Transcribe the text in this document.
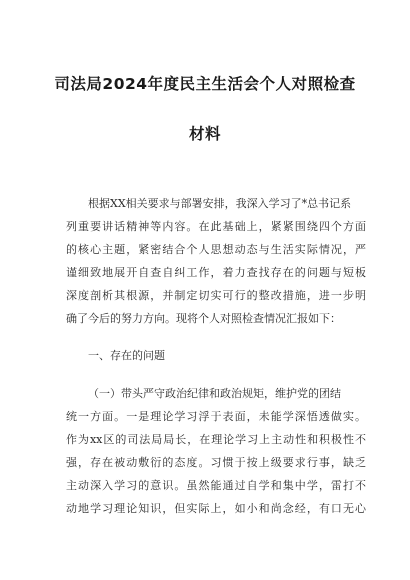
司法局2024年度民主生活会个人对照检查
材料
根据XX相关要求与部署安排，我深入学习了*总书记系
列重要讲话精神等内容。在此基础上，紧紧围绕四个方面
的核心主题，紧密结合个人思想动态与生活实际情况，严
谨细致地展开自查自纠工作，着力查找存在的问题与短板
深度剖析其根源，并制定切实可行的整改措施，进一步明
确了今后的努力方向。现将个人对照检查情况汇报如下：
一、存在的问题
（一）带头严守政治纪律和政治规矩，维护党的团结
统一方面。一是理论学习浮于表面，未能学深悟透做实。
作为xx区的司法局局长，在理论学习上主动性和积极性不
强，存在被动敷衍的态度。习惯于按上级要求行事，缺乏
主动深入学习的意识。虽然能通过自学和集中学，雷打不
动地学习理论知识，但实际上，如小和尚念经，有口无心
